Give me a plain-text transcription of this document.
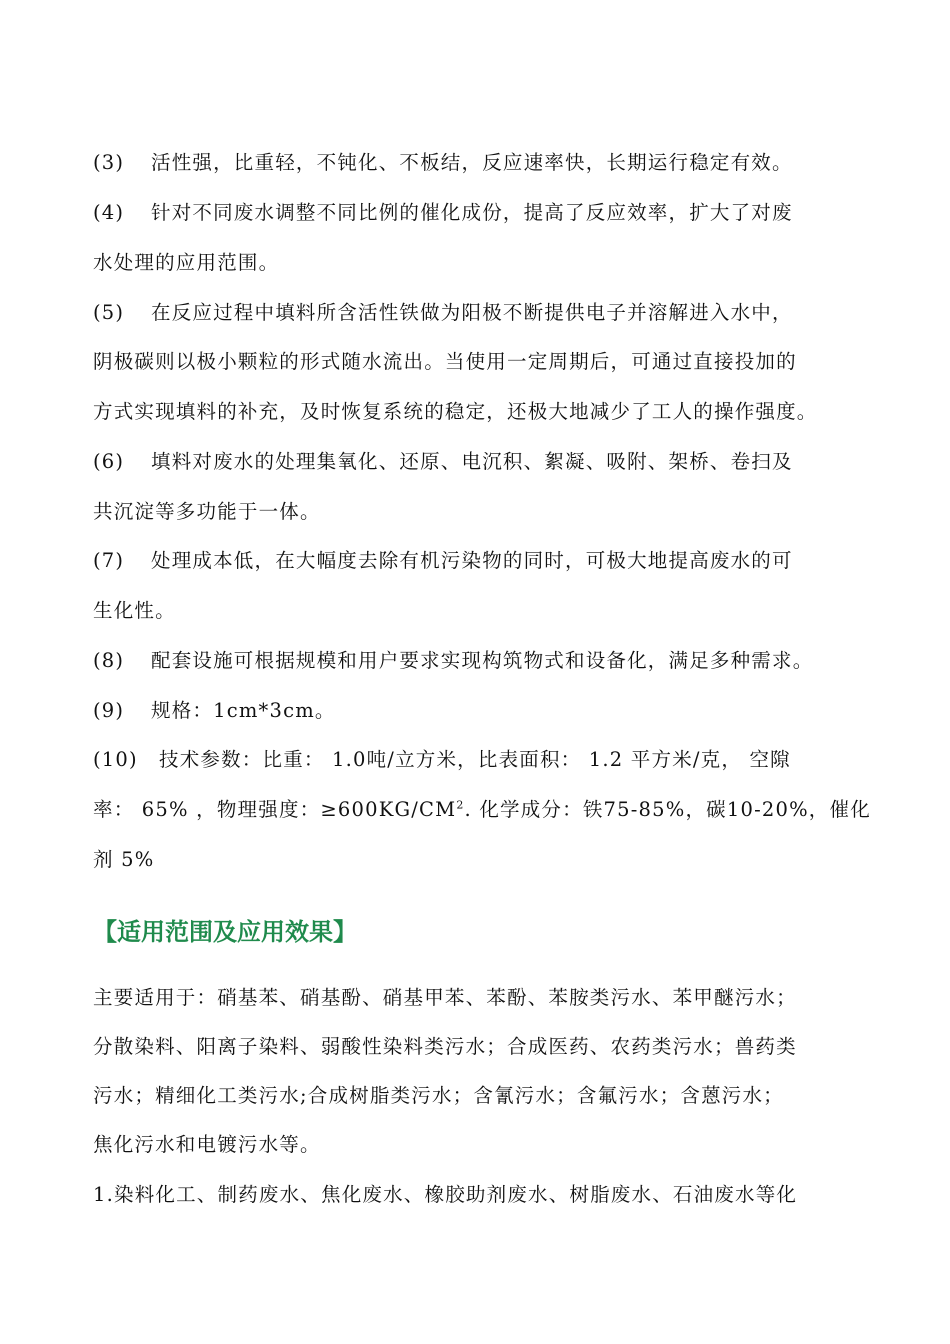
(3) 活性强，比重轻，不钝化、不板结，反应速率快，长期运行稳定有效。
(4) 针对不同废水调整不同比例的催化成份，提高了反应效率，扩大了对废
水处理的应用范围。
(5) 在反应过程中填料所含活性铁做为阳极不断提供电子并溶解进入水中，
阴极碳则以极小颗粒的形式随水流出。当使用一定周期后，可通过直接投加的
方式实现填料的补充，及时恢复系统的稳定，还极大地减少了工人的操作强度。
(6) 填料对废水的处理集氧化、还原、电沉积、絮凝、吸附、架桥、卷扫及
共沉淀等多功能于一体。
(7) 处理成本低，在大幅度去除有机污染物的同时，可极大地提高废水的可
生化性。
(8) 配套设施可根据规模和用户要求实现构筑物式和设备化，满足多种需求。
(9) 规格：1cm*3cm。
(10) 技术参数：比重： 1.0吨/立方米，比表面积： 1.2 平方米/克， 空隙
率： 65% ，物理强度：$\ge 600KG/CM^2$. 化学成分：铁75-85%，碳10-20%，催化
剂 5%
【适用范围及应用效果】
主要适用于：硝基苯、硝基酚、硝基甲苯、苯酚、苯胺类污水、苯甲醚污水；
分散染料、阳离子染料、弱酸性染料类污水；合成医药、农药类污水；兽药类
污水；精细化工类污水;合成树脂类污水；含氰污水；含氟污水；含蒽污水；
焦化污水和电镀污水等。
1.染料化工、制药废水、焦化废水、橡胶助剂废水、树脂废水、石油废水等化
